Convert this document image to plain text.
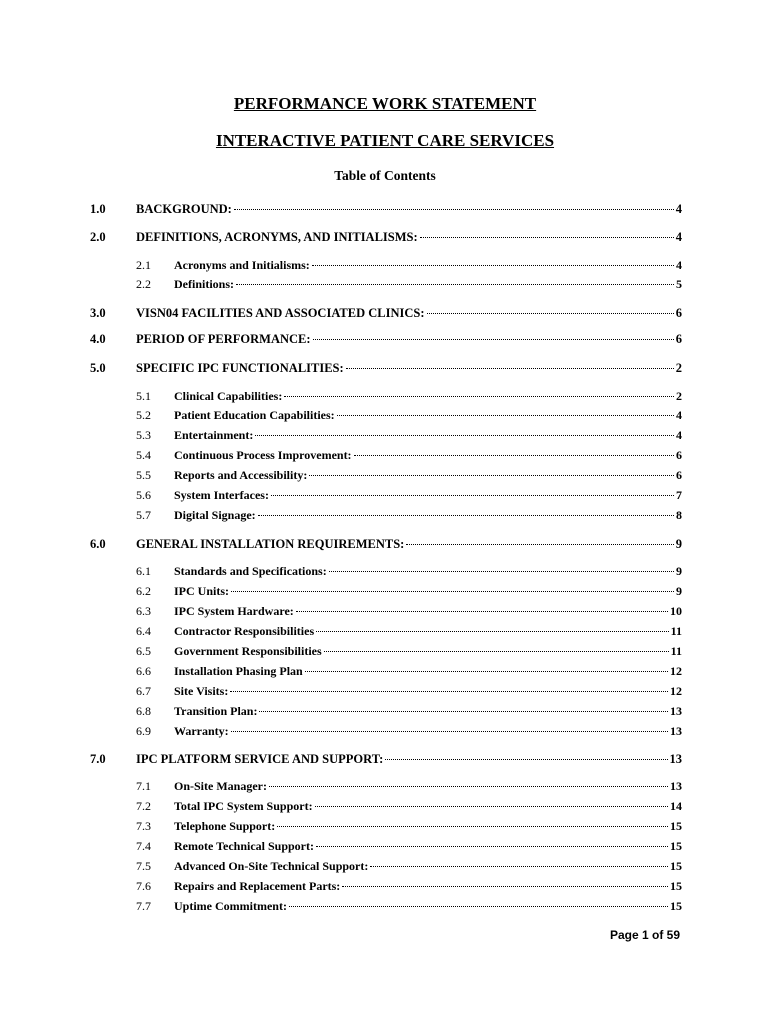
PERFORMANCE WORK STATEMENT
INTERACTIVE PATIENT CARE SERVICES
Table of Contents
1.0 BACKGROUND:	4
2.0 DEFINITIONS, ACRONYMS, AND INITIALISMS:	4
2.1 Acronyms and Initialisms:	4
2.2 Definitions:	5
3.0 VISN04 FACILITIES AND ASSOCIATED CLINICS:	6
4.0 PERIOD OF PERFORMANCE:	6
5.0 SPECIFIC IPC FUNCTIONALITIES:	2
5.1 Clinical Capabilities:	2
5.2 Patient Education Capabilities:	4
5.3 Entertainment:	4
5.4 Continuous Process Improvement:	6
5.5 Reports and Accessibility:	6
5.6 System Interfaces:	7
5.7 Digital Signage:	8
6.0 GENERAL INSTALLATION REQUIREMENTS:	9
6.1 Standards and Specifications:	9
6.2 IPC Units:	9
6.3 IPC System Hardware:	10
6.4 Contractor Responsibilities	11
6.5 Government Responsibilities	11
6.6 Installation Phasing Plan	12
6.7 Site Visits:	12
6.8 Transition Plan:	13
6.9 Warranty:	13
7.0 IPC PLATFORM SERVICE AND SUPPORT:	13
7.1 On-Site Manager:	13
7.2 Total IPC System Support:	14
7.3 Telephone Support:	15
7.4 Remote Technical Support:	15
7.5 Advanced On-Site Technical Support:	15
7.6 Repairs and Replacement Parts:	15
7.7 Uptime Commitment:	15
Page 1 of 59
